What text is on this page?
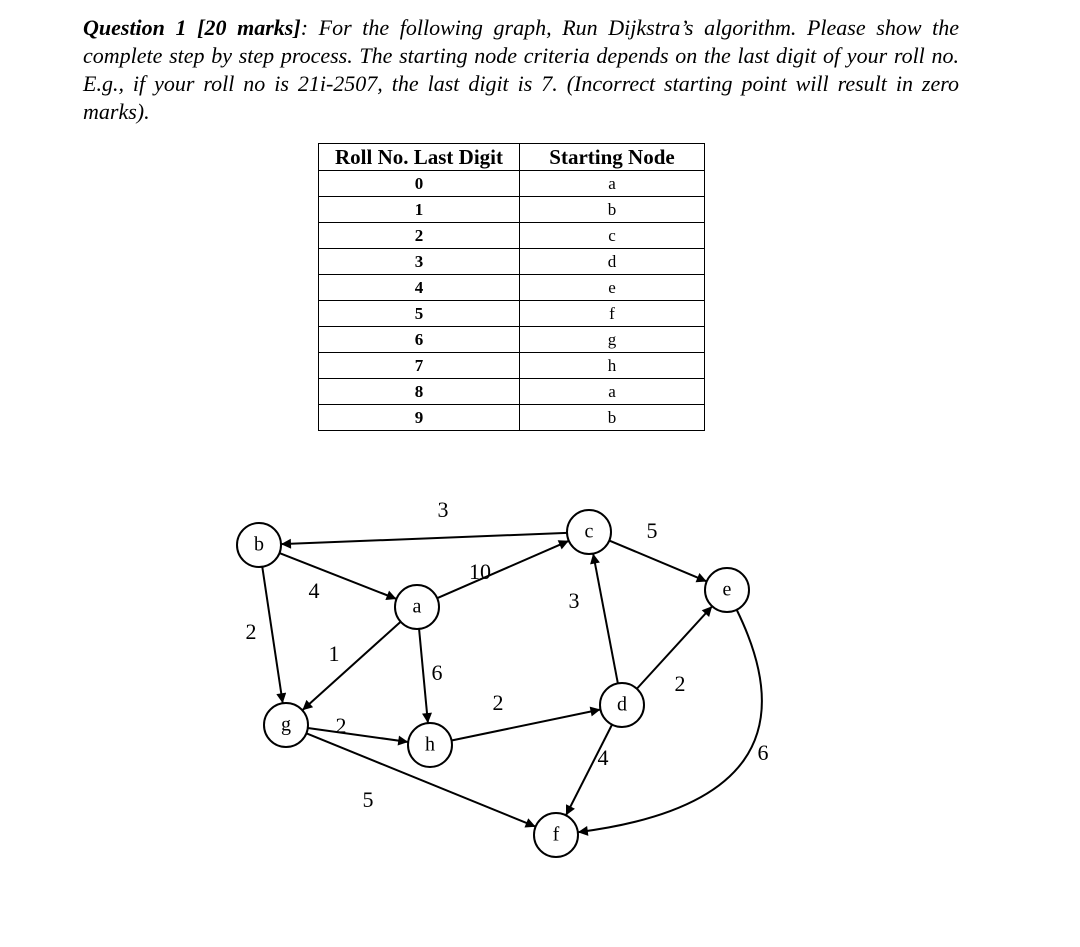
Question 1 [20 marks]: For the following graph, Run Dijkstra’s algorithm. Please show the complete step by step process. The starting node criteria depends on the last digit of your roll no. E.g., if your roll no is 21i-2507, the last digit is 7. (Incorrect starting point will result in zero marks).
Roll No. Last Digit	Starting Node
0	a
1	b
2	c
3	d
4	e
5	f
6	g
7	h
8	a
9	b
a
b
c
d
e
f
g
h
3
4
2
1
6
10
5
3
2
4
2
2
5
6
